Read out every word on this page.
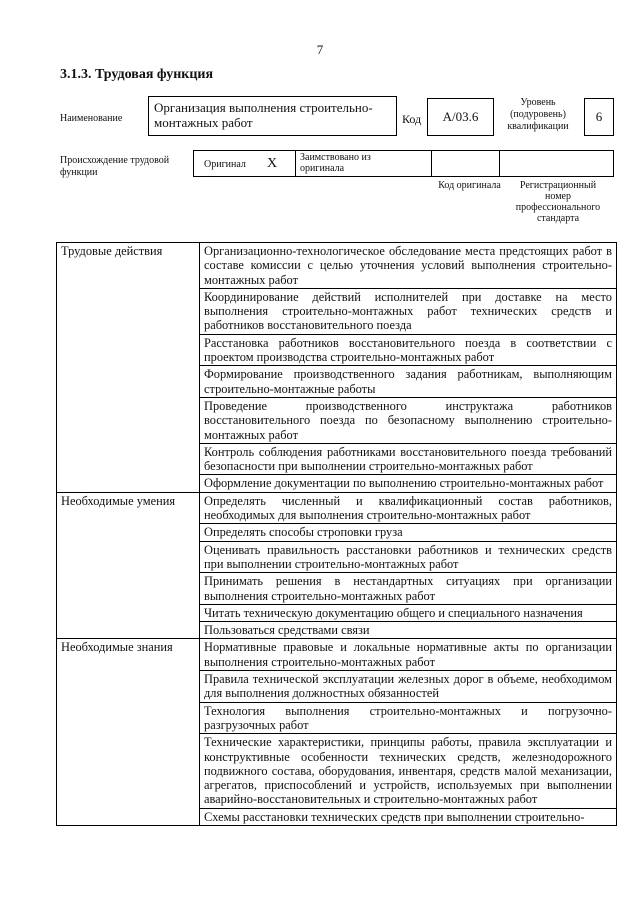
7
3.1.3. Трудовая функция
Наименование
Организация выполнения строительно-монтажных работ	Код	А/03.6
Уровень (подуровень) квалификации
6
Происхождение трудовой функции
Оригинал X Заимствовано из оригинала
Код оригинала	Регистрационный номер профессионального стандарта
Трудовые действия	Организационно-технологическое обследование места предстоящих работ в составе комиссии с целью уточнения условий выполнения строительно-монтажных работ
	Координирование действий исполнителей при доставке на место выполнения строительно-монтажных работ технических средств и работников восстановительного поезда
	Расстановка работников восстановительного поезда в соответствии с проектом производства строительно-монтажных работ
	Формирование производственного задания работникам, выполняющим строительно-монтажные работы
	Проведение производственного инструктажа работников восстановительного поезда по безопасному выполнению строительно-монтажных работ
	Контроль соблюдения работниками восстановительного поезда требований безопасности при выполнении строительно-монтажных работ
	Оформление документации по выполнению строительно-монтажных работ
Необходимые умения	Определять численный и квалификационный состав работников, необходимых для выполнения строительно-монтажных работ
	Определять способы строповки груза
	Оценивать правильность расстановки работников и технических средств при выполнении строительно-монтажных работ
	Принимать решения в нестандартных ситуациях при организации выполнения строительно-монтажных работ
	Читать техническую документацию общего и специального назначения
	Пользоваться средствами связи
Необходимые знания	Нормативные правовые и локальные нормативные акты по организации выполнения строительно-монтажных работ
	Правила технической эксплуатации железных дорог в объеме, необходимом для выполнения должностных обязанностей
	Технология выполнения строительно-монтажных и погрузочно-разгрузочных работ
	Технические характеристики, принципы работы, правила эксплуатации и конструктивные особенности технических средств, железнодорожного подвижного состава, оборудования, инвентаря, средств малой механизации, агрегатов, приспособлений и устройств, используемых при выполнении аварийно-восстановительных и строительно-монтажных работ
	Схемы расстановки технических средств при выполнении строительно-
